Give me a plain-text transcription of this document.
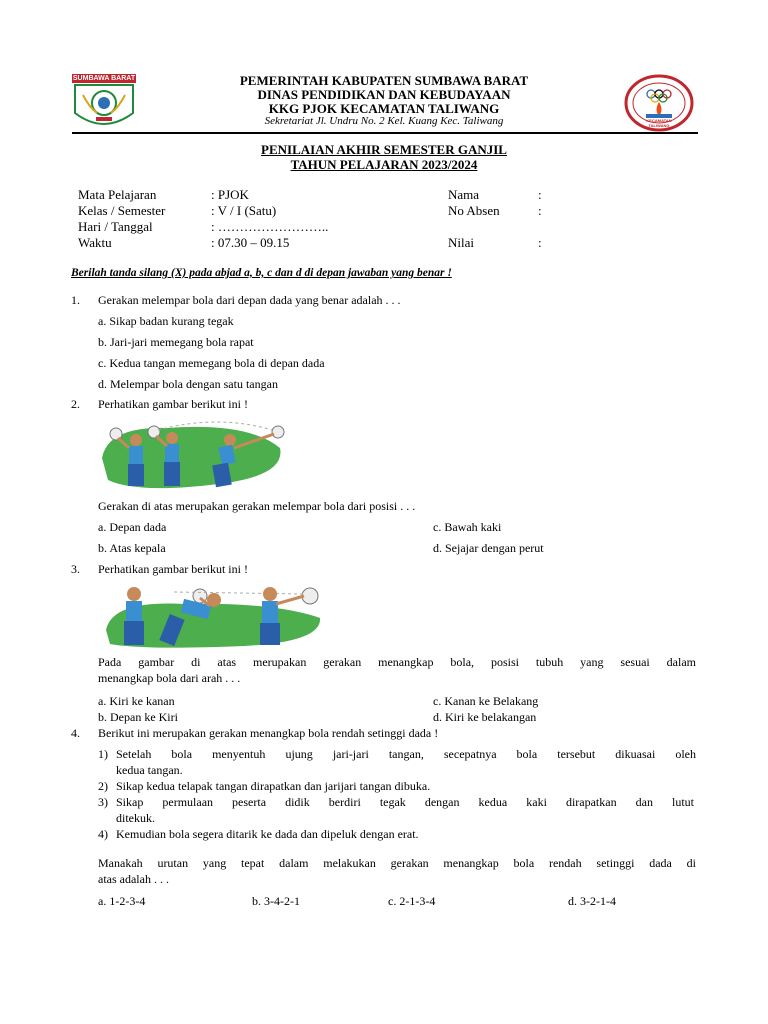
SUMBAWA BARAT
KECAMATAN TALIWANG
PEMERINTAH KABUPATEN SUMBAWA BARAT
DINAS PENDIDIKAN DAN KEBUDAYAAN
KKG PJOK KECAMATAN TALIWANG
Sekretariat Jl. Undru No. 2 Kel. Kuang Kec. Taliwang
PENILAIAN AKHIR SEMESTER GANJIL
TAHUN PELAJARAN 2023/2024
Mata Pelajaran	: PJOK
Kelas / Semester	: V / I (Satu)
Hari / Tanggal	: ……………………..
Waktu	: 07.30 – 09.15
Nama	:
No Absen	:
Nilai	:
Berilah tanda silang (X) pada abjad a, b, c dan d di depan jawaban yang benar !
1. Gerakan melempar bola dari depan dada yang benar adalah . . .
a. Sikap badan kurang tegak
b. Jari-jari memegang bola rapat
c. Kedua tangan memegang bola di depan dada
d. Melempar bola dengan satu tangan
2. Perhatikan gambar berikut ini !
Gerakan di atas merupakan gerakan melempar bola dari posisi . . .
a. Depan dada	c. Bawah kaki
b. Atas kepala	d. Sejajar dengan perut
3. Perhatikan gambar berikut ini !
Pada gambar di atas merupakan gerakan menangkap bola, posisi tubuh yang sesuai dalam
menangkap bola dari arah . . .
a. Kiri ke kanan	c. Kanan ke Belakang
b. Depan ke Kiri	d. Kiri ke belakangan
4. Berikut ini merupakan gerakan menangkap bola rendah setinggi dada !
1) Setelah bola menyentuh ujung jari-jari tangan, secepatnya bola tersebut dikuasai oleh
kedua tangan.
2) Sikap kedua telapak tangan dirapatkan dan jarijari tangan dibuka.
3) Sikap permulaan peserta didik berdiri tegak dengan kedua kaki dirapatkan dan lutut
ditekuk.
4) Kemudian bola segera ditarik ke dada dan dipeluk dengan erat.
Manakah urutan yang tepat dalam melakukan gerakan menangkap bola rendah setinggi dada di
atas adalah . . .
a. 1-2-3-4	b. 3-4-2-1	c. 2-1-3-4	d. 3-2-1-4
